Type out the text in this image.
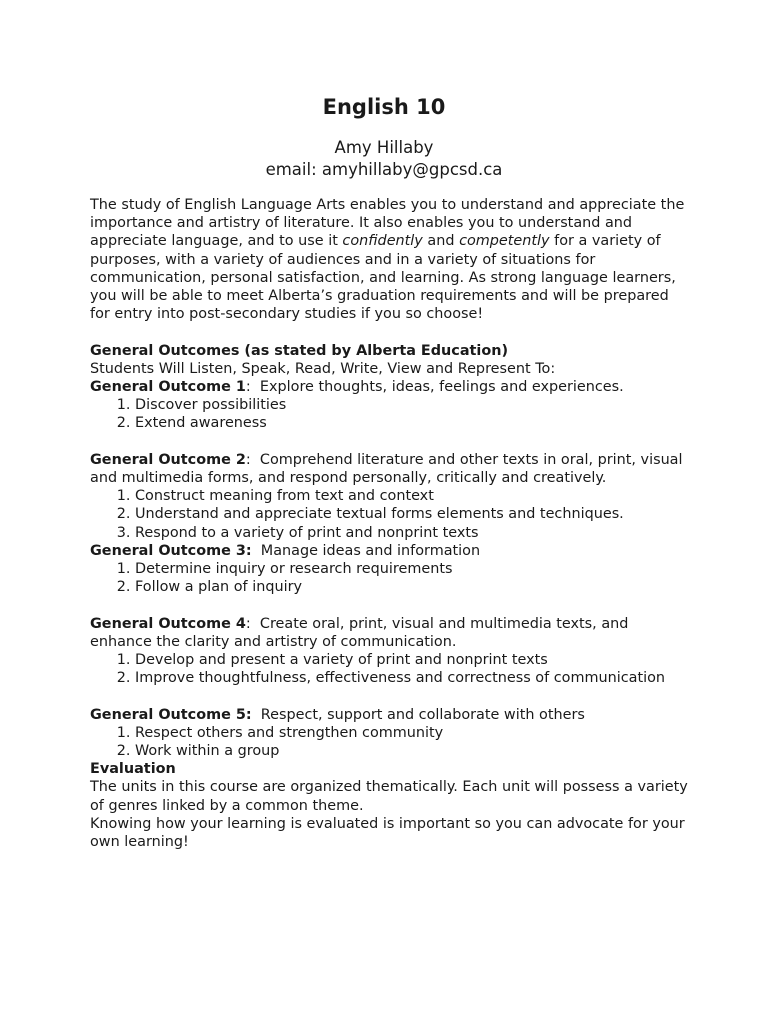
English 10
Amy Hillaby
email: amyhillaby@gpcsd.ca

The study of English Language Arts enables you to understand and appreciate the importance and artistry of literature. It also enables you to understand and appreciate language, and to use it confidently and competently for a variety of purposes, with a variety of audiences and in a variety of situations for communication, personal satisfaction, and learning. As strong language learners, you will be able to meet Alberta’s graduation requirements and will be prepared for entry into post-secondary studies if you so choose!

General Outcomes (as stated by Alberta Education)

Students Will Listen, Speak, Read, Write, View and Represent To:

General Outcome 1:  Explore thoughts, ideas, feelings and experiences.

1. Discover possibilities
2. Extend awareness

General Outcome 2:  Comprehend literature and other texts in oral, print, visual and multimedia forms, and respond personally, critically and creatively.

1. Construct meaning from text and context
2. Understand and appreciate textual forms elements and techniques.
3. Respond to a variety of print and nonprint texts

General Outcome 3:  Manage ideas and information

1. Determine inquiry or research requirements
2. Follow a plan of inquiry

General Outcome 4:  Create oral, print, visual and multimedia texts, and enhance the clarity and artistry of communication.

1. Develop and present a variety of print and nonprint texts
2. Improve thoughtfulness, effectiveness and correctness of communication

General Outcome 5:  Respect, support and collaborate with others

1. Respect others and strengthen community
2. Work within a group

Evaluation

The units in this course are organized thematically. Each unit will possess a variety of genres linked by a common theme.

Knowing how your learning is evaluated is important so you can advocate for your own learning!
